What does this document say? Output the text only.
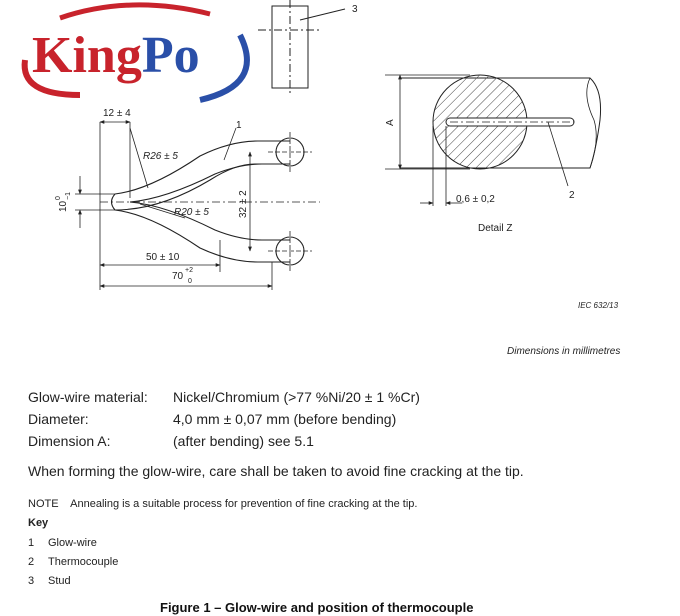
KingPo
3
12 ± 4
1
R26 ± 5
R20 ± 5
10
0 −1	32 ± 2
50 ± 10
70
+2
0
A
0,6 ± 0,2	2
Detail Z
IEC 632/13
Dimensions in millimetres
Glow-wire material: Nickel/Chromium (>77 %Ni/20 ± 1 %Cr)
Diameter:	4,0 mm ± 0,07 mm (before bending)
Dimension A:	(after bending) see 5.1
When forming the glow-wire, care shall be taken to avoid fine cracking at the tip.
NOTE    Annealing is a suitable process for prevention of fine cracking at the tip.
Key
1 Glow-wire
2 Thermocouple
3 Stud
Figure 1 – Glow-wire and position of thermocouple
